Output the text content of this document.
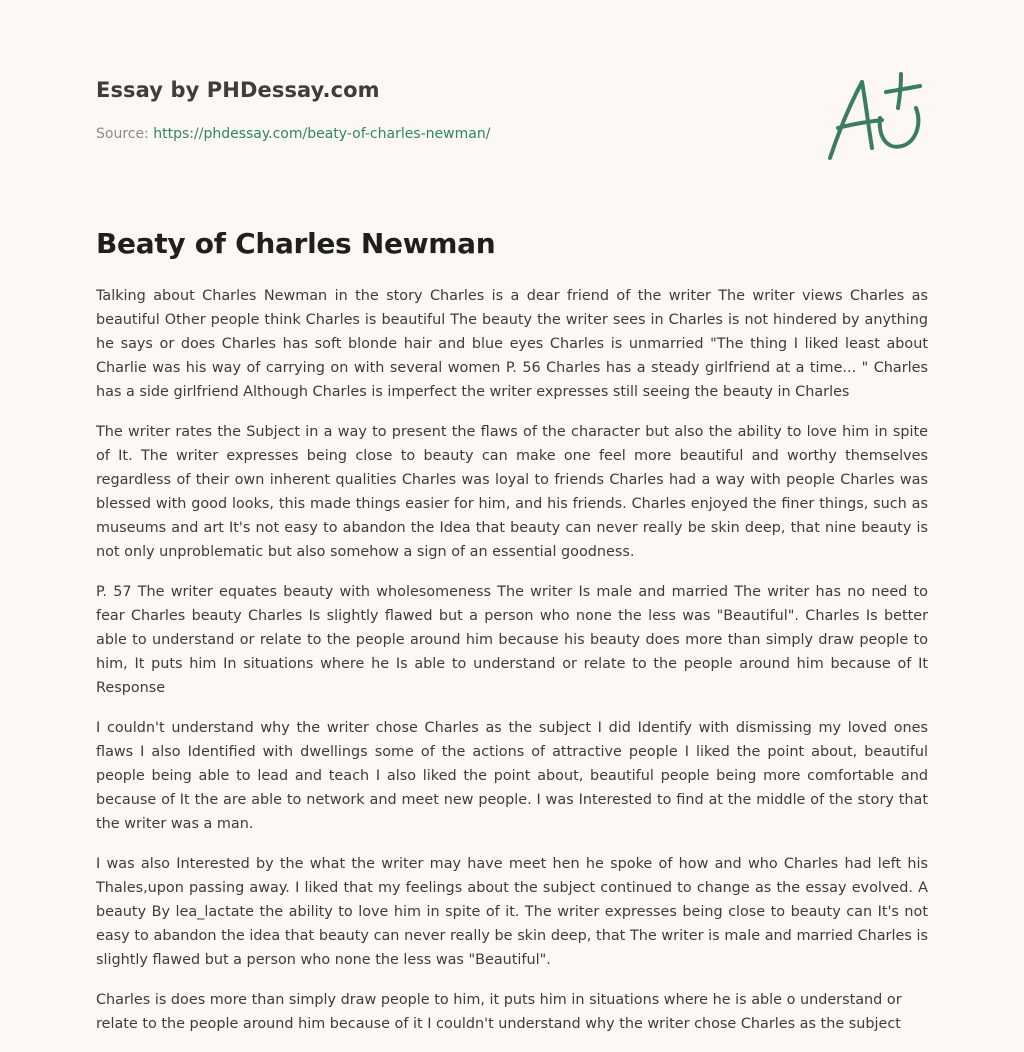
Essay by PHDessay.com
Source: https://phdessay.com/beaty-of-charles-newman/
Beaty of Charles Newman

Talking about Charles Newman in the story Charles is a dear friend of the writer The writer views Charles as beautiful Other people think Charles is beautiful The beauty the writer sees in Charles is not hindered by anything he says or does Charles has soft blonde hair and blue eyes Charles is unmarried "The thing I liked least about Charlie was his way of carrying on with several women P. 56 Charles has a steady girlfriend at a time... " Charles has a side girlfriend Although Charles is imperfect the writer expresses still seeing the beauty in Charles

The writer rates the Subject in a way to present the flaws of the character but also the ability to love him in spite of It. The writer expresses being close to beauty can make one feel more beautiful and worthy themselves regardless of their own inherent qualities Charles was loyal to friends Charles had a way with people Charles was blessed with good looks, this made things easier for him, and his friends. Charles enjoyed the finer things, such as museums and art It's not easy to abandon the Idea that beauty can never really be skin deep, that nine beauty is not only unproblematic but also somehow a sign of an essential goodness.

P. 57 The writer equates beauty with wholesomeness The writer Is male and married The writer has no need to fear Charles beauty Charles Is slightly flawed but a person who none the less was "Beautiful". Charles Is better able to understand or relate to the people around him because his beauty does more than simply draw people to him, It puts him In situations where he Is able to understand or relate to the people around him because of It Response

I couldn't understand why the writer chose Charles as the subject I did Identify with dismissing my loved ones flaws I also Identified with dwellings some of the actions of attractive people I liked the point about, beautiful people being able to lead and teach I also liked the point about, beautiful people being more comfortable and because of It the are able to network and meet new people. I was Interested to find at the middle of the story that the writer was a man.

I was also Interested by the what the writer may have meet hen he spoke of how and who Charles had left his Thales,upon passing away. I liked that my feelings about the subject continued to change as the essay evolved. A beauty By lea_lactate the ability to love him in spite of it. The writer expresses being close to beauty can It's not easy to abandon the idea that beauty can never really be skin deep, that The writer is male and married Charles is slightly flawed but a person who none the less was "Beautiful".

Charles is does more than simply draw people to him, it puts him in situations where he is able o understand or relate to the people around him because of it I couldn't understand why the writer chose Charles as the subject
